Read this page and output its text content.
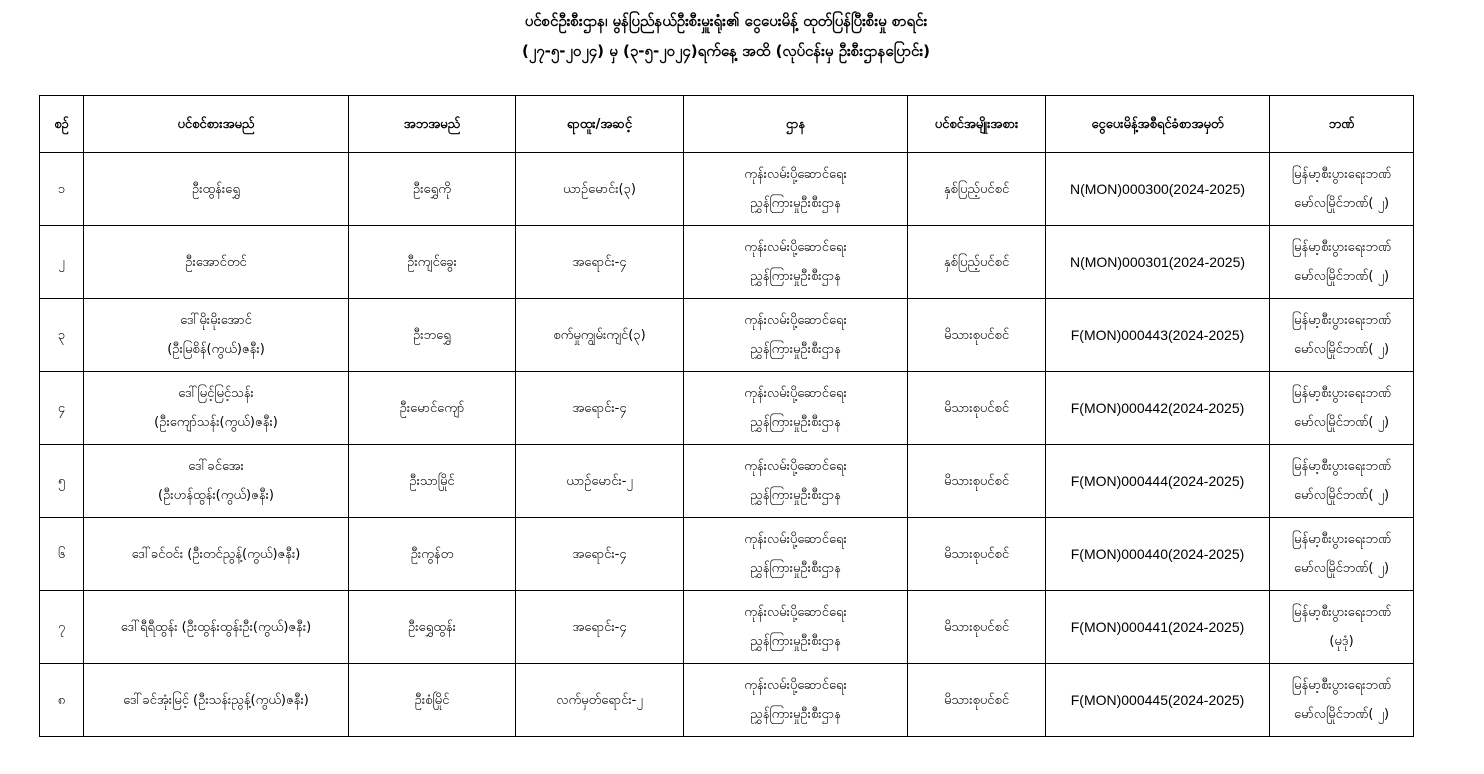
ပင်စင်ဦးစီးဌာန၊ မွန်ပြည်နယ်ဦးစီးမှူးရုံး၏ ငွေပေးမိန့် ထုတ်ပြန်ပြီးစီးမှု စာရင်း
(၂၇-၅-၂၀၂၄) မှ (၃-၅-၂၀၂၄)ရက်နေ့ အထိ (လုပ်ငန်းမှ ဦးစီးဌာနပြောင်း)
စဉ်	ပင်စင်စားအမည်	အဘအမည်	ရာထူး/အဆင့်	ဌာန	ပင်စင်အမျိုးအစား	ငွေပေးမိန့်အစီရင်ခံစာအမှတ်	ဘဏ်
၁	ဦးထွန်းရွှေ	ဦးရွှေကို	ယာဉ်မောင်း(၃)	ကုန်းလမ်းပို့ဆောင်ရေး
ညွှန်ကြားမှုဦးစီးဌာန	နှစ်ပြည့်ပင်စင်	N(MON)000300(2024-2025)	မြန်မာ့စီးပွားရေးဘဏ်
မော်လမြိုင်ဘဏ်( ၂)

၂	ဦးအောင်တင်	ဦးကျင်ခွေး	အရောင်း-၄	ကုန်းလမ်းပို့ဆောင်ရေး
ညွှန်ကြားမှုဦးစီးဌာန	နှစ်ပြည့်ပင်စင်	N(MON)000301(2024-2025)	မြန်မာ့စီးပွားရေးဘဏ်
မော်လမြိုင်ဘဏ်( ၂)

၃	ဒေါ်မိုးမိုးအောင်
(ဦးမြစိန်(ကွယ်)ဇနီး)	ဦးဘရွှေ	စက်မှုကျွမ်းကျင်(၃)	ကုန်းလမ်းပို့ဆောင်ရေး
ညွှန်ကြားမှုဦးစီးဌာန	မိသားစုပင်စင်	F(MON)000443(2024-2025)	မြန်မာ့စီးပွားရေးဘဏ်
မော်လမြိုင်ဘဏ်( ၂)

၄	ဒေါ်မြင့်မြင့်သန်း
(ဦးကျော်သန်း(ကွယ်)ဇနီး)	ဦးမောင်ကျော်	အရောင်း-၄	ကုန်းလမ်းပို့ဆောင်ရေး
ညွှန်ကြားမှုဦးစီးဌာန	မိသားစုပင်စင်	F(MON)000442(2024-2025)	မြန်မာ့စီးပွားရေးဘဏ်
မော်လမြိုင်ဘဏ်( ၂)

၅	ဒေါ်ခင်အေး
(ဦးဟန်ထွန်း(ကွယ်)ဇနီး)	ဦးသာမြိုင်	ယာဉ်မောင်း-၂	ကုန်းလမ်းပို့ဆောင်ရေး
ညွှန်ကြားမှုဦးစီးဌာန	မိသားစုပင်စင်	F(MON)000444(2024-2025)	မြန်မာ့စီးပွားရေးဘဏ်
မော်လမြိုင်ဘဏ်( ၂)

၆	ဒေါ်ခင်ဝင်း (ဦးတင်ညွန့်(ကွယ်)ဇနီး)	ဦးကွန်တ	အရောင်း-၄	ကုန်းလမ်းပို့ဆောင်ရေး
ညွှန်ကြားမှုဦးစီးဌာန	မိသားစုပင်စင်	F(MON)000440(2024-2025)	မြန်မာ့စီးပွားရေးဘဏ်
မော်လမြိုင်ဘဏ်( ၂)

၇	ဒေါ်ရီရီထွန်း (ဦးထွန်းထွန်းဦး(ကွယ်)ဇနီး)	ဦးရွှေထွန်း	အရောင်း-၄	ကုန်းလမ်းပို့ဆောင်ရေး
ညွှန်ကြားမှုဦးစီးဌာန	မိသားစုပင်စင်	F(MON)000441(2024-2025)	မြန်မာ့စီးပွားရေးဘဏ်
(မုဒုံ)

၈	ဒေါ်ခင်အုံးမြင့် (ဦးသန်းညွန့်(ကွယ်)ဇနီး)	ဦးစံမြိုင်	လက်မှတ်ရောင်း-၂	ကုန်းလမ်းပို့ဆောင်ရေး
ညွှန်ကြားမှုဦးစီးဌာန	မိသားစုပင်စင်	F(MON)000445(2024-2025)	မြန်မာ့စီးပွားရေးဘဏ်
မော်လမြိုင်ဘဏ်( ၂)
